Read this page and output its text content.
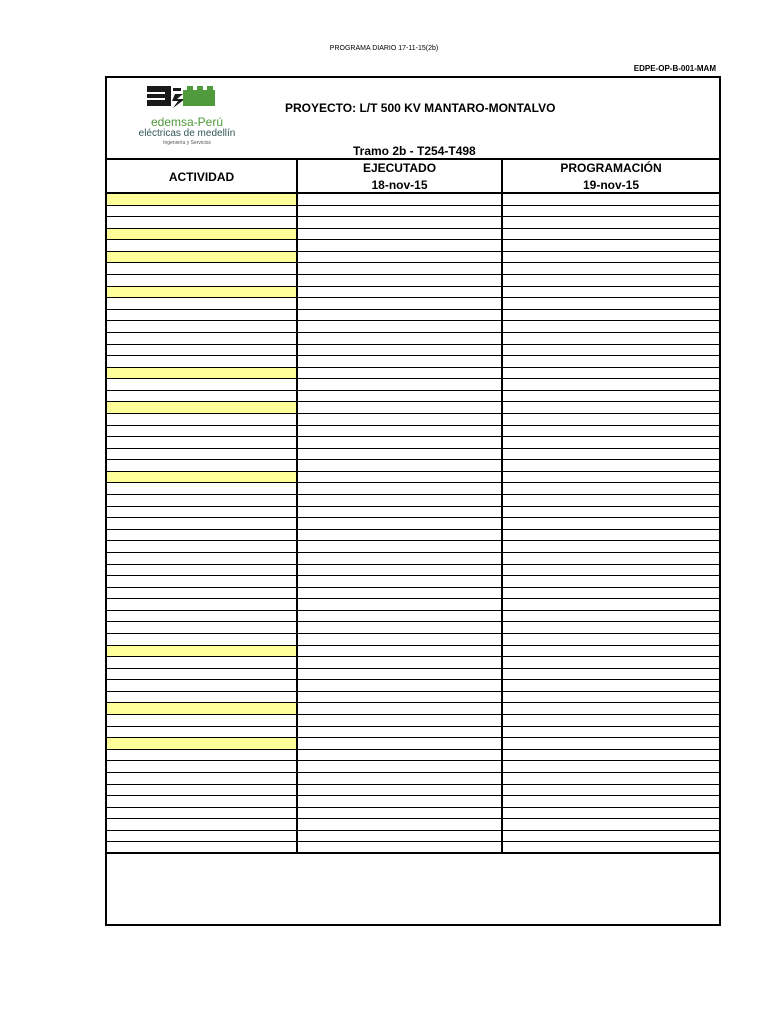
PROGRAMA DIARIO 17-11-15(2b)
EDPE-OP-B-001-MAM
edemsa-Perú
eléctricas de medellín
Ingeniería y Servicios
PROYECTO: L/T 500 KV MANTARO-MONTALVO
Tramo 2b - T254-T498
ACTIVIDAD
EJECUTADO
18-nov-15
PROGRAMACIÓN
19-nov-15
